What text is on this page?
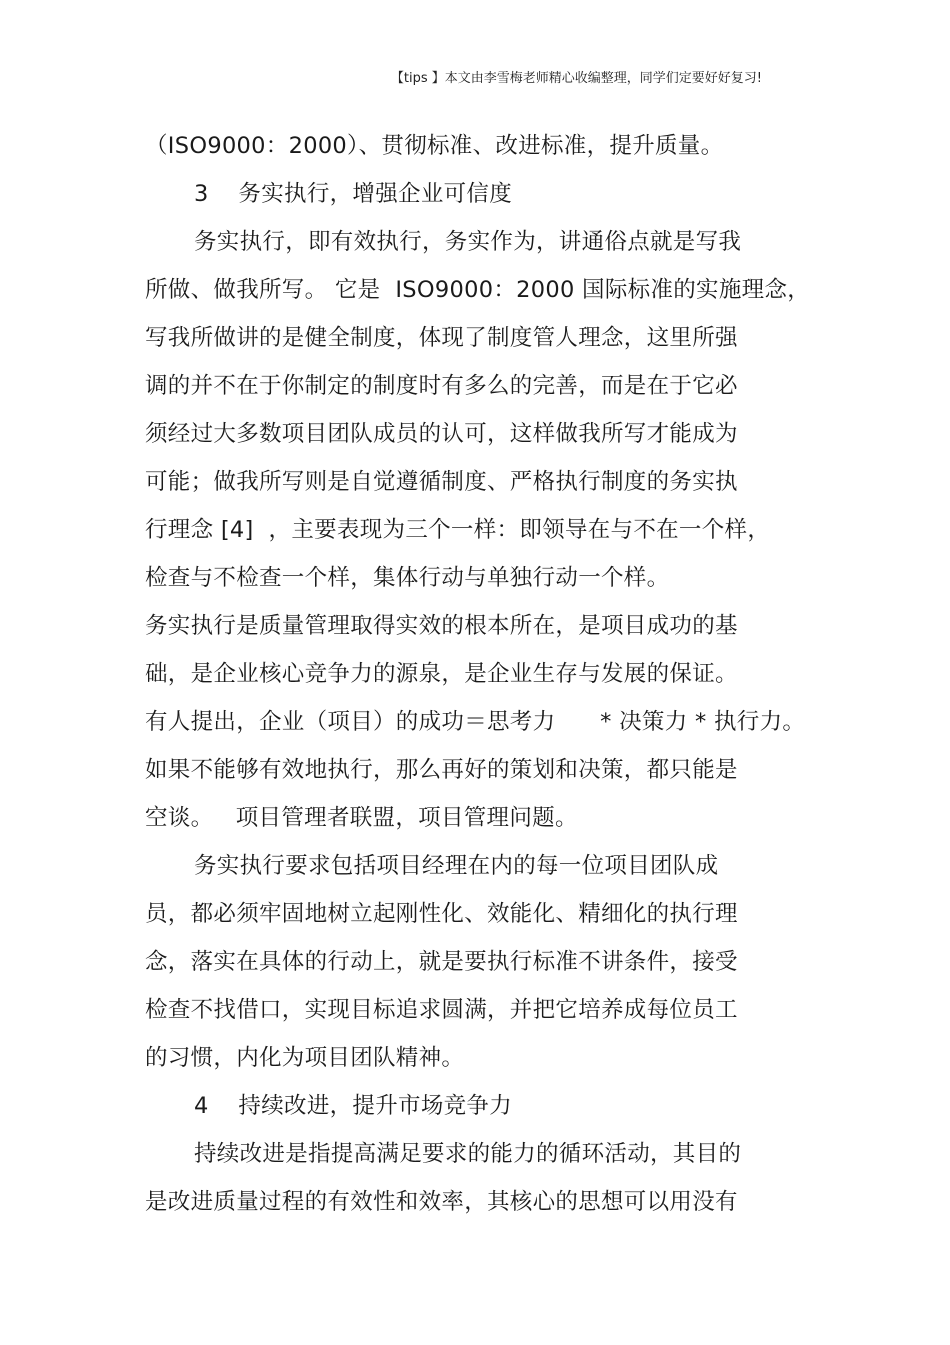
【tips 】本文由李雪梅老师精心收编整理，同学们定要好好复习!
（ISO9000：2000）、贯彻标准、改进标准，提升质量。
3    务实执行，增强企业可信度
务实执行，即有效执行，务实作为，讲通俗点就是写我
所做、做我所写。 它是  ISO9000：2000 国际标准的实施理念，
写我所做讲的是健全制度，体现了制度管人理念，这里所强
调的并不在于你制定的制度时有多么的完善，而是在于它必
须经过大多数项目团队成员的认可，这样做我所写才能成为
可能；做我所写则是自觉遵循制度、严格执行制度的务实执
行理念 [4]  ，主要表现为三个一样：即领导在与不在一个样，
检查与不检查一个样，集体行动与单独行动一个样。
务实执行是质量管理取得实效的根本所在，是项目成功的基
础，是企业核心竞争力的源泉，是企业生存与发展的保证。
有人提出，企业（项目）的成功＝思考力      * 决策力 * 执行力。
如果不能够有效地执行，那么再好的策划和决策，都只能是
空谈。   项目管理者联盟，项目管理问题。
务实执行要求包括项目经理在内的每一位项目团队成
员，都必须牢固地树立起刚性化、效能化、精细化的执行理
念，落实在具体的行动上，就是要执行标准不讲条件，接受
检查不找借口，实现目标追求圆满，并把它培养成每位员工
的习惯，内化为项目团队精神。
4    持续改进，提升市场竞争力
持续改进是指提高满足要求的能力的循环活动，其目的
是改进质量过程的有效性和效率，其核心的思想可以用没有
